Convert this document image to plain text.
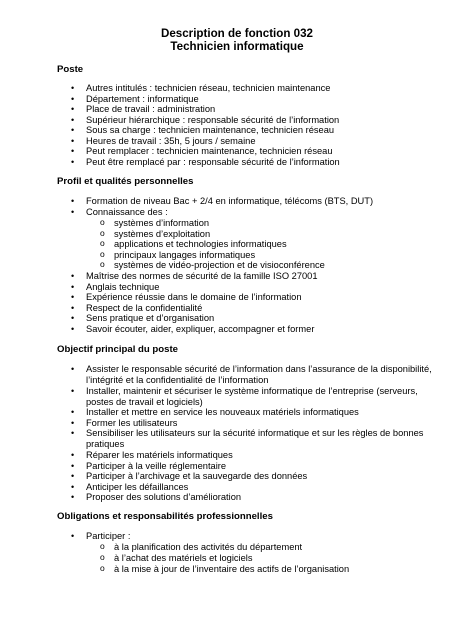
Description de fonction 032
Technicien informatique
Poste
• Autres intitulés : technicien réseau, technicien maintenance
• Département : informatique
• Place de travail : administration
• Supérieur hiérarchique : responsable sécurité de l’information
• Sous sa charge : technicien maintenance, technicien réseau
• Heures de travail : 35h, 5 jours / semaine
• Peut remplacer : technicien maintenance, technicien réseau
• Peut être remplacé par : responsable sécurité de l’information
Profil et qualités personnelles
• Formation de niveau Bac + 2/4 en informatique, télécoms (BTS, DUT)
• Connaissance des :
o systèmes d’information
o systèmes d’exploitation
o applications et technologies informatiques
o principaux langages informatiques
o systèmes de vidéo-projection et de visioconférence
• Maîtrise des normes de sécurité de la famille ISO 27001
• Anglais technique
• Expérience réussie dans le domaine de l’information
• Respect de la confidentialité
• Sens pratique et d’organisation
• Savoir écouter, aider, expliquer, accompagner et former
Objectif principal du poste
• Assister le responsable sécurité de l’information dans l’assurance de la disponibilité,
l’intégrité et la confidentialité de l’information
• Installer, maintenir et sécuriser le système informatique de l’entreprise (serveurs,
postes de travail et logiciels)
• Installer et mettre en service les nouveaux matériels informatiques
• Former les utilisateurs
• Sensibiliser les utilisateurs sur la sécurité informatique et sur les règles de bonnes
pratiques
• Réparer les matériels informatiques
• Participer à la veille réglementaire
• Participer à l’archivage et la sauvegarde des données
• Anticiper les défaillances
• Proposer des solutions d’amélioration
Obligations et responsabilités professionnelles
• Participer :
o à la planification des activités du département
o à l’achat des matériels et logiciels
o à la mise à jour de l’inventaire des actifs de l’organisation
